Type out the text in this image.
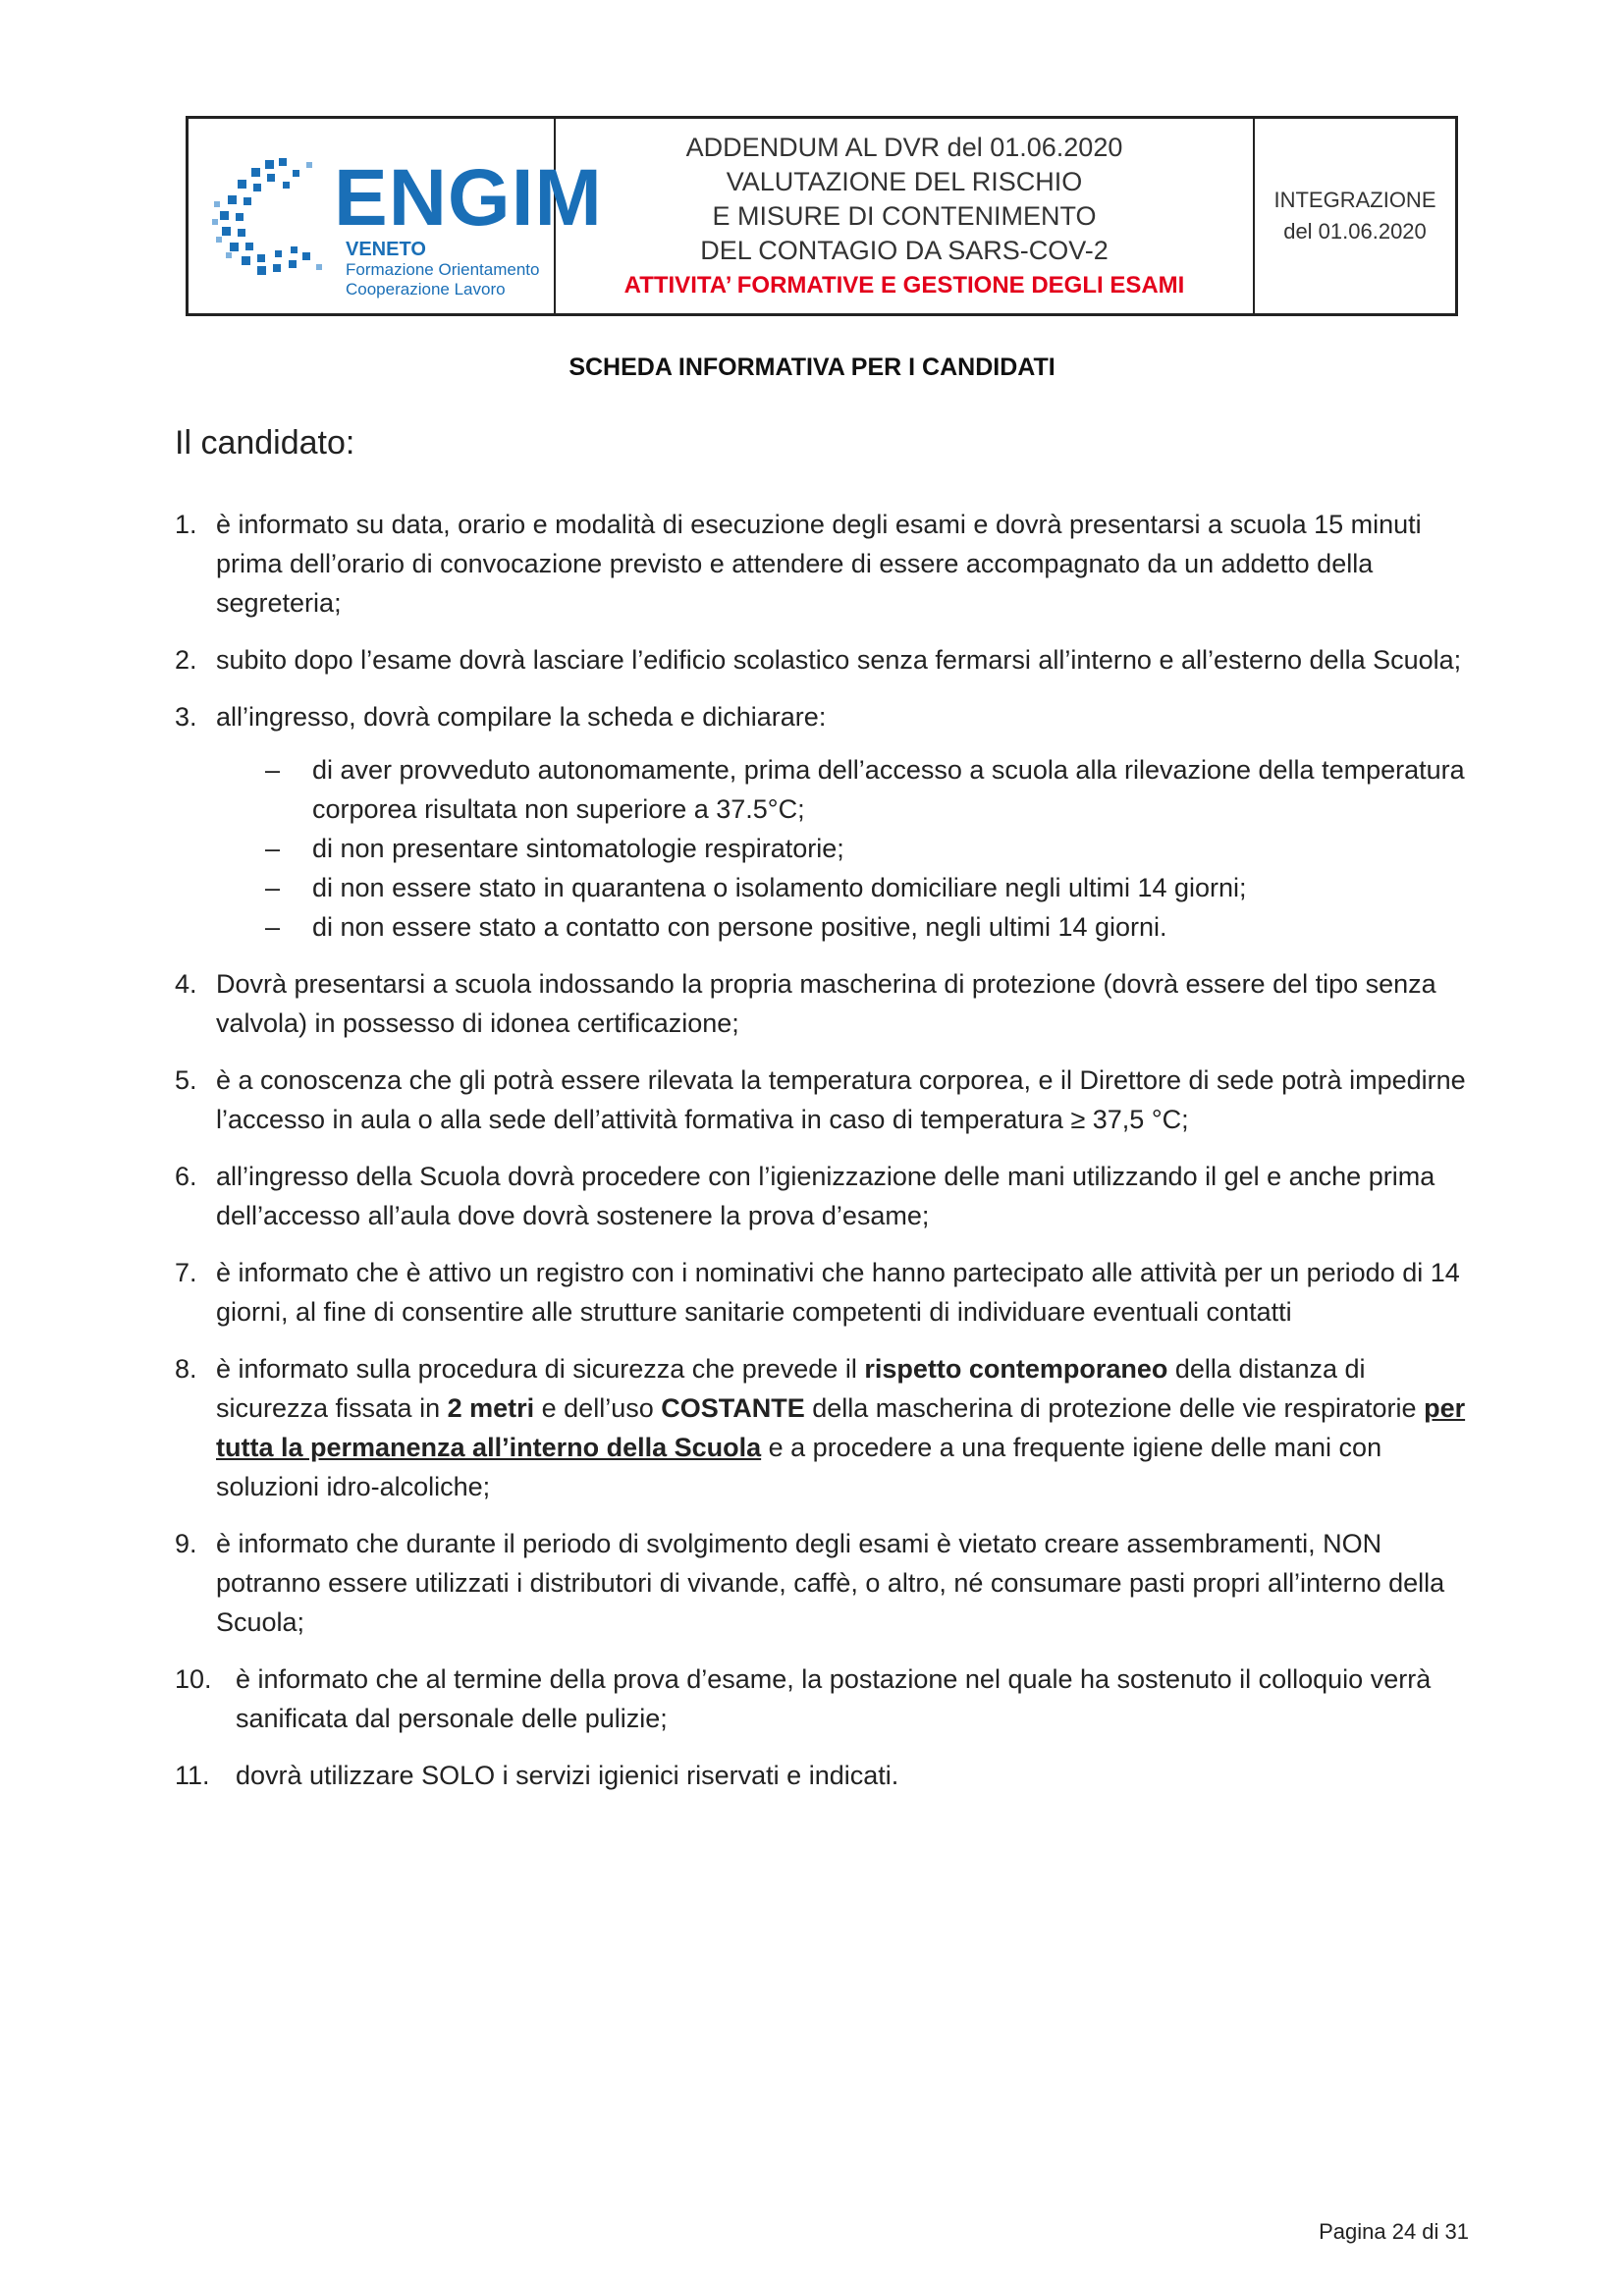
ENGIM
VENETO
Formazione Orientamento
Cooperazione Lavoro
ADDENDUM AL DVR del 01.06.2020
VALUTAZIONE DEL RISCHIO
E MISURE DI CONTENIMENTO
DEL CONTAGIO DA SARS-COV-2
ATTIVITA’ FORMATIVE E GESTIONE DEGLI ESAMI
INTEGRAZIONE
del 01.06.2020
SCHEDA INFORMATIVA PER I CANDIDATI
Il candidato:
1. è informato su data, orario e modalità di esecuzione degli esami e dovrà presentarsi a scuola 15 minuti prima dell’orario di convocazione previsto e attendere di essere accompagnato da un addetto della segreteria;
2. subito dopo l’esame dovrà lasciare l’edificio scolastico senza fermarsi all’interno e all’esterno della Scuola;
3. all’ingresso, dovrà compilare la scheda e dichiarare:
– di aver provveduto autonomamente, prima dell’accesso a scuola alla rilevazione della temperatura corporea risultata non superiore a 37.5°C;
– di non presentare sintomatologie respiratorie;
– di non essere stato in quarantena o isolamento domiciliare negli ultimi 14 giorni;
– di non essere stato a contatto con persone positive, negli ultimi 14 giorni.
4. Dovrà presentarsi a scuola indossando la propria mascherina di protezione (dovrà essere del tipo senza valvola) in possesso di idonea certificazione;
5. è a conoscenza che gli potrà essere rilevata la temperatura corporea, e il Direttore di sede potrà impedirne l’accesso in aula o alla sede dell’attività formativa in caso di temperatura ≥ 37,5 °C;
6. all’ingresso della Scuola dovrà procedere con l’igienizzazione delle mani utilizzando il gel e anche prima dell’accesso all’aula dove dovrà sostenere la prova d’esame;
7. è informato che è attivo un registro con i nominativi che hanno partecipato alle attività per un periodo di 14 giorni, al fine di consentire alle strutture sanitarie competenti di individuare eventuali contatti
8. è informato sulla procedura di sicurezza che prevede il rispetto contemporaneo della distanza di sicurezza fissata in 2 metri e dell’uso COSTANTE della mascherina di protezione delle vie respiratorie per tutta la permanenza all’interno della Scuola e a procedere a una frequente igiene delle mani con soluzioni idro-alcoliche;
9. è informato che durante il periodo di svolgimento degli esami è vietato creare assembramenti, NON potranno essere utilizzati i distributori di vivande, caffè, o altro, né consumare pasti propri all’interno della Scuola;
10. è informato che al termine della prova d’esame, la postazione nel quale ha sostenuto il colloquio verrà sanificata dal personale delle pulizie;
11. dovrà utilizzare SOLO i servizi igienici riservati e indicati.
Pagina 24 di 31
